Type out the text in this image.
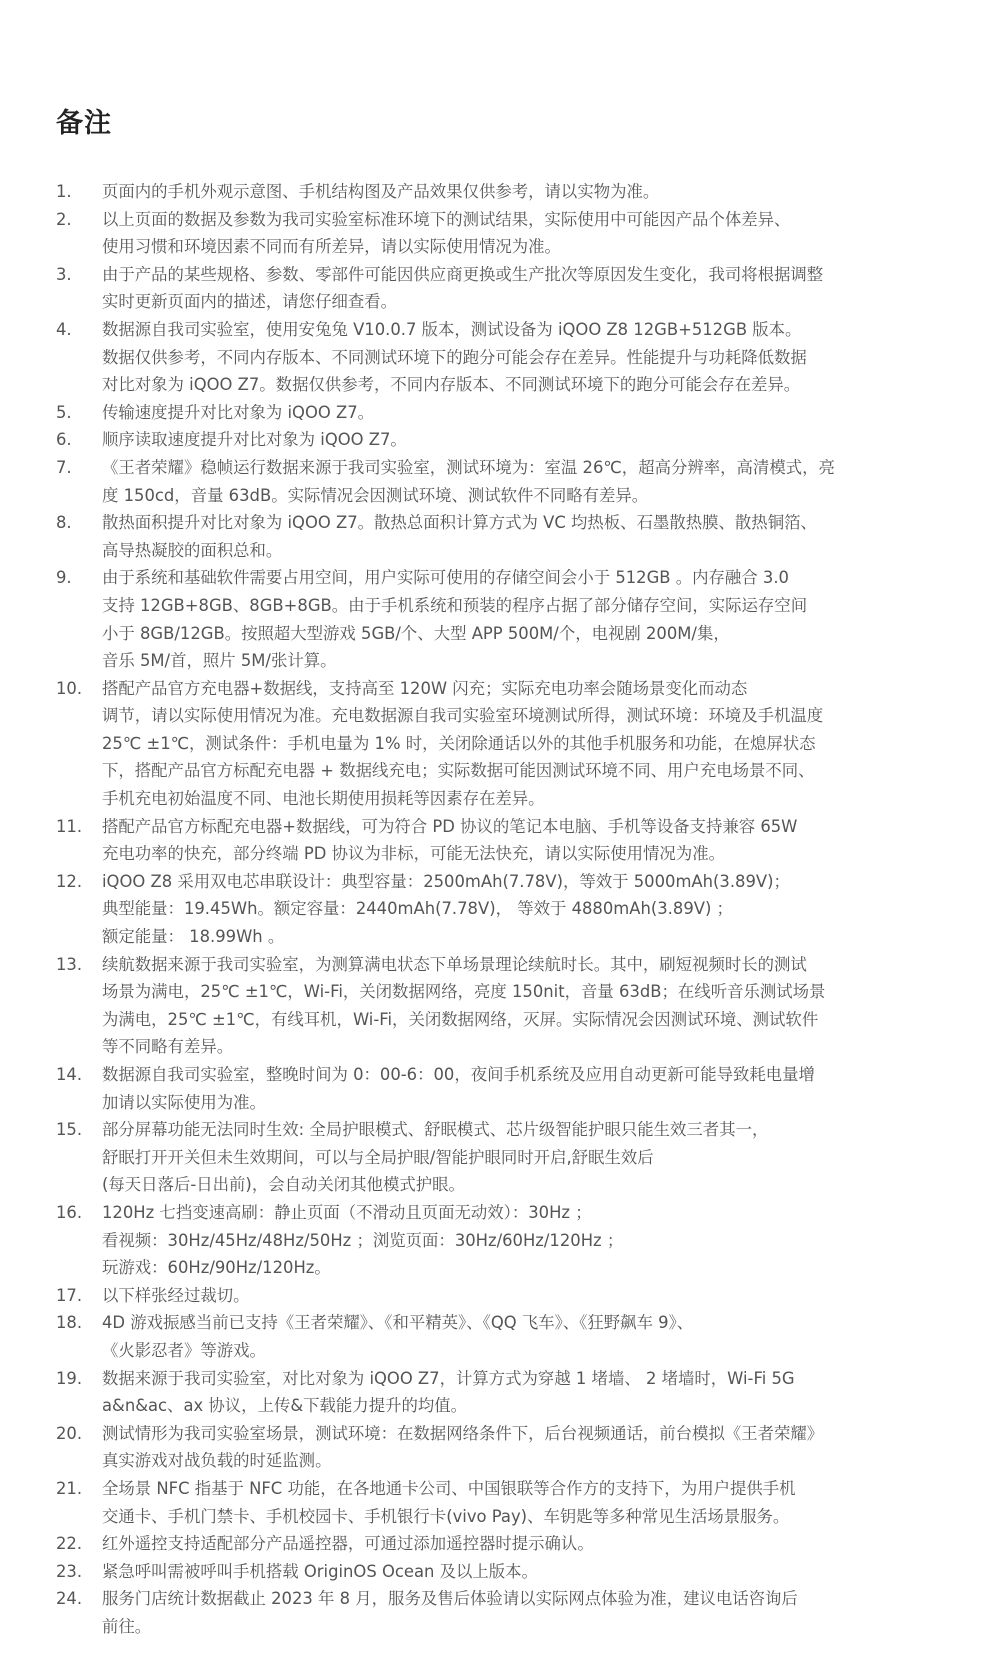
备注
1.	页面内的手机外观示意图、手机结构图及产品效果仅供参考，请以实物为准。
2.	以上页面的数据及参数为我司实验室标准环境下的测试结果，实际使用中可能因产品个体差异、
使用习惯和环境因素不同而有所差异，请以实际使用情况为准。
3.	由于产品的某些规格、参数、零部件可能因供应商更换或生产批次等原因发生变化，我司将根据调整
实时更新页面内的描述，请您仔细查看。
4.	数据源自我司实验室，使用安兔兔 V10.0.7 版本，测试设备为 iQOO Z8 12GB+512GB 版本。
数据仅供参考，不同内存版本、不同测试环境下的跑分可能会存在差异。性能提升与功耗降低数据
对比对象为 iQOO Z7。数据仅供参考，不同内存版本、不同测试环境下的跑分可能会存在差异。
5.	传输速度提升对比对象为 iQOO Z7。
6.	顺序读取速度提升对比对象为 iQOO Z7。
7.	《王者荣耀》稳帧运行数据来源于我司实验室，测试环境为：室温 26℃，超高分辨率，高清模式，亮
度 150cd，音量 63dB。实际情况会因测试环境、测试软件不同略有差异。
8.	散热面积提升对比对象为 iQOO Z7。散热总面积计算方式为 VC 均热板、石墨散热膜、散热铜箔、
高导热凝胶的面积总和。
9.	由于系统和基础软件需要占用空间，用户实际可使用的存储空间会小于 512GB 。内存融合 3.0
支持 12GB+8GB、8GB+8GB。由于手机系统和预装的程序占据了部分储存空间，实际运存空间
小于 8GB/12GB。按照超大型游戏 5GB/个、大型 APP 500M/个，电视剧 200M/集，
音乐 5M/首，照片 5M/张计算。
10.	搭配产品官方充电器+数据线，支持高至 120W 闪充；实际充电功率会随场景变化而动态
调节，请以实际使用情况为准。充电数据源自我司实验室环境测试所得，测试环境：环境及手机温度
25℃ ±1℃，测试条件：手机电量为 1% 时，关闭除通话以外的其他手机服务和功能，在熄屏状态
下，搭配产品官方标配充电器 + 数据线充电；实际数据可能因测试环境不同、用户充电场景不同、
手机充电初始温度不同、电池长期使用损耗等因素存在差异。
11.	搭配产品官方标配充电器+数据线，可为符合 PD 协议的笔记本电脑、手机等设备支持兼容 65W
充电功率的快充，部分终端 PD 协议为非标，可能无法快充，请以实际使用情况为准。
12.	iQOO Z8 采用双电芯串联设计：典型容量：2500mAh(7.78V)，等效于 5000mAh(3.89V)；
典型能量：19.45Wh。额定容量：2440mAh(7.78V)， 等效于 4880mAh(3.89V) ；
额定能量： 18.99Wh 。
13.	续航数据来源于我司实验室，为测算满电状态下单场景理论续航时长。其中，刷短视频时长的测试
场景为满电，25℃ ±1℃，Wi-Fi，关闭数据网络，亮度 150nit，音量 63dB；在线听音乐测试场景
为满电，25℃ ±1℃，有线耳机，Wi-Fi，关闭数据网络，灭屏。实际情况会因测试环境、测试软件
等不同略有差异。
14.	数据源自我司实验室，整晚时间为 0：00-6：00，夜间手机系统及应用自动更新可能导致耗电量增
加请以实际使用为准。
15.	部分屏幕功能无法同时生效: 全局护眼模式、舒眠模式、芯片级智能护眼只能生效三者其一，
舒眠打开开关但未生效期间，可以与全局护眼/智能护眼同时开启,舒眠生效后
(每天日落后-日出前)，会自动关闭其他模式护眼。
16.	120Hz 七挡变速高刷：静止页面（不滑动且页面无动效）：30Hz ；
看视频：30Hz/45Hz/48Hz/50Hz ；浏览页面：30Hz/60Hz/120Hz ；
玩游戏：60Hz/90Hz/120Hz。
17.	以下样张经过裁切。
18.	4D 游戏振感当前已支持《王者荣耀》、《和平精英》、《QQ 飞车》、《狂野飙车 9》、
《火影忍者》等游戏。
19.	数据来源于我司实验室，对比对象为 iQOO Z7，计算方式为穿越 1 堵墙、 2 堵墙时，Wi-Fi 5G
a&n&ac、ax 协议，上传&下载能力提升的均值。
20.	测试情形为我司实验室场景，测试环境：在数据网络条件下，后台视频通话，前台模拟《王者荣耀》
真实游戏对战负载的时延监测。
21.	全场景 NFC 指基于 NFC 功能，在各地通卡公司、中国银联等合作方的支持下，为用户提供手机
交通卡、手机门禁卡、手机校园卡、手机银行卡(vivo Pay)、车钥匙等多种常见生活场景服务。
22.	红外遥控支持适配部分产品遥控器，可通过添加遥控器时提示确认。
23.	紧急呼叫需被呼叫手机搭载 OriginOS Ocean 及以上版本。
24.	服务门店统计数据截止 2023 年 8 月，服务及售后体验请以实际网点体验为准，建议电话咨询后
前往。
